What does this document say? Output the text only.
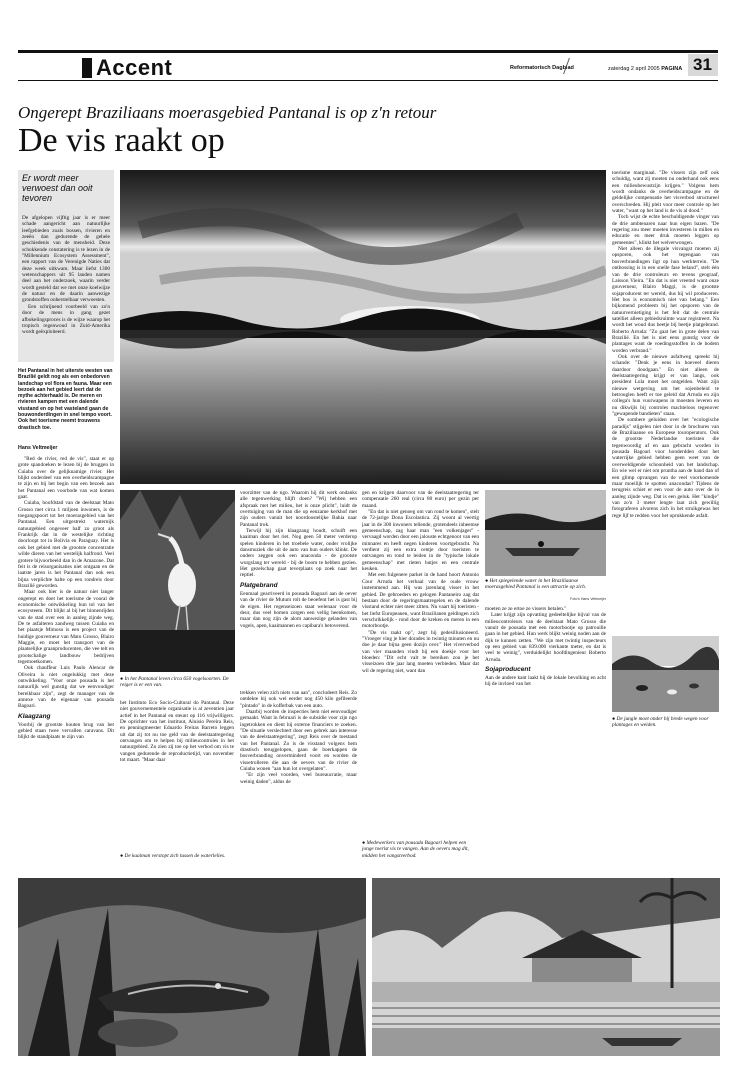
Accent	Reformatorisch Dagblad	zaterdag 2 april 2005 PAGINA 31
Ongerept Braziliaans moerasgebied Pantanal is op z'n retour
De vis raakt op
Er wordt meer verwoest dan ooit tevoren

De afgelopen vijftig jaar is er meer schade aangericht aan natuurlijke leefgebieden zoals bossen, rivieren en zeeën dan gedurende de gehele geschiedenis van de mensheid. Deze schokkende constatering is te lezen in de "Millennium Ecosystem Assessment", een rapport van de Verenigde Naties dat deze week uitkwam. Maar liefst 1300 wetenschappers uit 95 landen namen deel aan het onderzoek, waarin verder wordt gesteld dat we met onze koelwijze de natuur en de daarin aanwezige grondstoffen onherstelbaar verwoesten.

Een schrijnend voorbeeld van zo'n door de mens in gang gezet afbokelingsproces is de wijze waarop het tropisch regenwoud in Zuid-Amerika wordt geëxploiteerd.

Het Pantanal in het uiterste westen van Brazilië geldt nog als een onbedorven landschap vol flora en fauna. Maar een bezoek aan het gebied leert dat de mythe achterhaald is. De meren en rivieren kampen met een dalende visstand en op het vasteland gaan de bouwonderdingen in snel tempo voort. Ook het toerisme neemt trouwens drastisch toe.
Hans Veltmeijer

"Red de rivier, red de vis", staat er op grote spandoeken te lezen bij de bruggen in Cuiaba over de gelijknamige rivier. Het blijkt onderdeel van een overheidscampagne te zijn en bij het begin van een bezoek aan het Pantanal een voorbode van wat komen gaat.

Cuiaba, hoofdstad van de deelstaat Mato Grosso met circa 1 miljoen inwoners, is de toegangspoort tot het moerasgebied van het Pantanal. Een uitgestrekt waternijk natuurgebied ongeveer half zo groot als Frankrijk dat in de westelijke richting doorloopt tot in Bolivia en Paraguay. Het is ook het gebied met de grootste concentratie wilde dieren van het westelijk halfrond. Veel grotere bijvoorbeeld dan in de Amazone. Dat feit is de reisorganisaties niet ontgaan en de laatste jaren is het Pantanal dan ook een bijna verplichte halte op een rondreis door Brazilië geworden.

Maar ook hier is de natuur niet langer ongerept en doet het toerisme de vooral de economische ontwikkeling hun tol van het ecosysteem. Dit blijkt al bij het binnenrijden van de stad over een in aanleg zijnde weg. De te asfalteren zandweg tussen Cuiaba en het plaatsje Mimoso is een project van de huidige gouverneur van Mato Grosso, Blairo Maggie, en moet het transport van de plaatselijke graanproducenten, die vee telt en grootschalige landbouw bedrijven tegemoetkomen.

Ook chauffeur Luis Paulo Alencar de Oliveira is niet ongelukkig met deze ontwikkeling. "Voor onze pousada is het natuurlijk wel gunstig dat we eenvoudiger bereikbaar zijn", zegt de manager van de annexe van de eigenaar van pousada Bagoari.

Klaagzang

Voorbij de grootste houten brug van het gebied staan twee vervallen caravans. Dit blijkt de standplaats te zijn van

● In het Pantanal leven circa 650 vogelsoorten. De reiger is er een van.

het Instituto Eco Socio-Cultural do Pantanal. Deze niet gouvernementele organisatie is al zeventien jaar actief in het Pantanal en steunt op 116 vrijwilligers. De oprichter van het instituut, Aluisio Pereira Reis, en penningmeester Eduardo Freitas Barreto leggen uit dat zij tot nu toe geld van de deelstaatregering ontvangen om te helpen bij milieucontroles in het natuurgebied. Zo zien zij toe op het verbod om vis te vangen gedurende de reproductietijd, van november tot maart. "Maar daar

voorzitter van de ngo. Waarom hij dit werk ondanks alle tegenwerking blijft doen? "Wij hebben een afspraak met het milieu, het is onze plicht", luidt de overtuiging van de man die op eenzame kerkhof met zijn ouders vanuit het noordoostelijke Bahia naar Pantanal trok.

Terwijl hij zijn klaagzang houdt, schuift een kaaiman door het riet. Nog geen 50 meter verderop spelen kinderen in het troebele water, onder vrolijke dansmuziek die uit de auto van hun ouders klinkt. De ouders zeggen ook een anaconda - de grootste wurgslang ter wereld - bij de boom te hebben gezien. Het gezelschap gaat teverplaats op zoek naar het reptiel.

Platgebrand

Eenmaal gearriveerd in pousada Bagoari aan de oever van de rivier de Mutum rolt de beoefent het is gast bij de eigen. Het regenseizoen staat welenaar voor de deur, dus veel bomen zorgen een vellig heenkomen, maar dan nog zijn de alom aanwezige gelanden van vogels, apen, kaaimannen en capibara's betoverend.

trekken velen zich niets van aan", concludeert Reis. Zo ontdekte hij ook wel eerder nog 450 kilo gefileerde "pintado" in de kofferbak van een auto.

Daarbij worden de inspecties hem niet eenvoudiger gemaakt. Want in februari is de subsidie voor zijn ngo ingetrokken en dient hij externe financiers te zoeken. "De situatie verslechtert door een gebrek aan interesse van de deelstaatregering", zegt Reis over de toestand van het Pantanal. Zo is de visstand volgens hem drastisch teruggelopen, gaan de boerkappen de bosverbranding onverminderd voort en worden de vissetrolleren die aan de oevers van de rivier de Cuiaba wonen "aan hun lot overgelaten".

"Er zijn veel voorden, veel bureaucratie, maar weinig daden", aldus de

● De kaaiman verstopt zich tussen de waterlelies.

gen en krijgen daarvoor van de deelstaatregering ter compensatie 260 real (circa 80 euro) per gezin per maand.

"En dat is niet genoeg om van rond te komen", stelt de 72-jarige Dona Escolastica. Zij woont al veertig jaar in de 300 inwoners tellende, grotendeels inheemse gemeenschap, zag haar man "een volkenjager" - vervaagd worden door een jalouste echtgenoot van een minnares en heeft negen kinderen voortgebracht. Na verdient zij een extra centje door toeristen te ontvangen en rond te leiden in de "typische lokale gemeenschap" met rieten hutjes en een centrale keuken.

Met een fulgenere parket in de hand hoort Antonio Cour Arruda het verhaal van de oude vrouw instemmend aan. Hij was jarenlang visser in het gebied. De gebroeders en gelogen Pantaneiro zag dat bestaan door de regeringsmaatregelen en de dalende visstand echter niet meer zitten. Nu vaart hij toeristen - het liefst Europeanen, want Brazilianen geldingen zich verschrikkelijk - rond door de kreken en meren in een motorbootje.

"De vis raakt op", zegt hij gedesillusioneerd. "Vroeger ving je hier dorades in twintig minuten en nu doe je daar bijna geen dozijn over." Het viververbod van vier maanden vindt hij een doekje voor het bloeden: "Dit echt valt te bereiken zou je het visseizoen drie jaar lang moeten verbieden. Maar dat wil de regering niet, want dan

● Medewerkers van pousada Bagoari helpen een jonge toerist vis te vangen. Aan de oevers mag dit, midden het vangstverbod.
● Het spiegelende water in het Braziliaanse moerasgebied Pantanal is een attractie op zich.
Foto's Hans Veltmeijer

moeten ze ze ertoe ze vissers betalen."

Later krijgt zijn opvatting gedeeltelijke bijval van de milieucontroleurs van de deelstaat Mato Grosso die vanuit de pousada met een motorbootje op patrouille gaan in het gebied. Hun werk blijkt weinig noden aan de dijk te kunnen zetten. "We zijn met twintig inspecteurs op een gebied van 839.000 vierkante meter, en dat is veel te weinig", verduidelijkt hoofdingenieur Roberto Arruda.

Sojaproducent

Aan de andere kant laakt hij de lokale bevolking en acht hij de invloed van het

toerisme marginaal. "De vissers zijn zelf ook schuldig, want zij moeten nu onderhand ook eens een milieubewustzijn krijgen." Volgens hem wordt ondanks de overheidscampagne en de geldelijke compensatie het visverbod structureel overschreden. Hij pleit voor meer controle op het water, "want op het land is de vis al dood."

Toch wijst de echte beschuldigende vinger van de drie ambtenaren naar hun eigen bazen. "De regering zou meer moeten investeren in milieu en educatie en meer druk moeten leggen op gemeentes", klinkt het welverwongen.

Niet alleen de illegale visvangst moeten zij opsporen, ook het tegengaan van bosverbrandingen ligt op hun werkterrein. "De ontbossing is in een snelle fase beland", stelt één van de drie controleurs en tevens geograaf, Laisson Vieira. "En dat is niet vreemd want onze gouverneur, Blairo Maggi, is de grootste sojaproducent ter wereld, dus hij wil produceren. Het bos is economisch niet van belang." Een bijkomend probleem bij het opsporen van de natuurvernietiging is het feit dat de centrale satelliet alleen gebiedsruimte waar registreert. Na wordt het woud dus beetje bij beetje platgebrand. Roberto Arruda: "Zo gaat het in grote delen van Brazilië. En het is niet eens gunstig voor de plantages want de voedingsstoffen in de bodem worden verbrand."

Ook over de nieuwe asfaltweg spreekt hij schande: "Denk je eens in hoeveel dieren daardoor doodgaan." En niet alleen de deelstaatregering krijgt er van langs, ook president Lula moet het ontgelden. Want zijn nieuwe wetgeving om het sojenbeleid te betrouglen heeft er toe geleid dat Arruda en zijn collega's hun vuurwapens in moesten leveren en nu dikwijls bij controles machteloos tegenover "gewapende bandieten" staan.

De sombere geluiden over het "ecologische paradijs" stijgelen niet door in de brochures van de Braziliaanse en Europese touroperators. Ook de grootste Nederlandse toeristen die tegenwoordig af en aan gebracht worden in pousada Bagoari voor honderdden door het waterrijke gebied hebben geen weet van de overweldigende schoonheid van het landschap. En wie wel er niet om pruntha aan de hand dan of een glimp opvangen van de veel voorkomende maar moeilijk te spotten anacondas? Tijdens de terugreis schiet er een voor de auto over de in aanleg zijnde weg. Dat is een geluk. Het "kindje" van zo'n 3 meter lengte laat zich gewillig fotograferen alvorens zich in het struikgewas het rege lijf te redden voor het oprukkende asfalt.

● De jungle moet onder bij brede wegen voor plantages en weiden.
